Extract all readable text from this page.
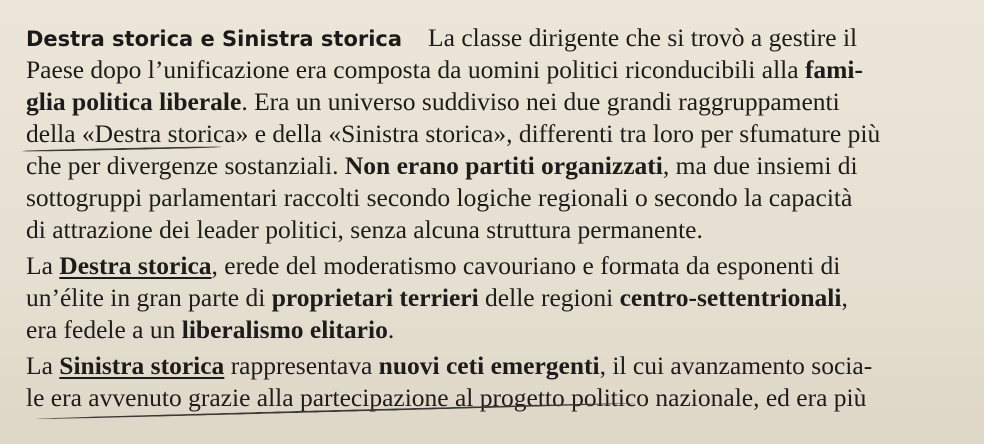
Destra storica e Sinistra storica La classe dirigente che si trovò a gestire il
Paese dopo l’unificazione era composta da uomini politici riconducibili alla fami-
glia politica liberale. Era un universo suddiviso nei due grandi raggruppamenti
della «Destra storica» e della «Sinistra storica», differenti tra loro per sfumature più
che per divergenze sostanziali. Non erano partiti organizzati, ma due insiemi di
sottogruppi parlamentari raccolti secondo logiche regionali o secondo la capacità
di attrazione dei leader politici, senza alcuna struttura permanente.
La Destra storica, erede del moderatismo cavouriano e formata da esponenti di
un’élite in gran parte di proprietari terrieri delle regioni centro-settentrionali,
era fedele a un liberalismo elitario.
La Sinistra storica rappresentava nuovi ceti emergenti, il cui avanzamento socia-
le era avvenuto grazie alla partecipazione al progetto politico nazionale, ed era più
